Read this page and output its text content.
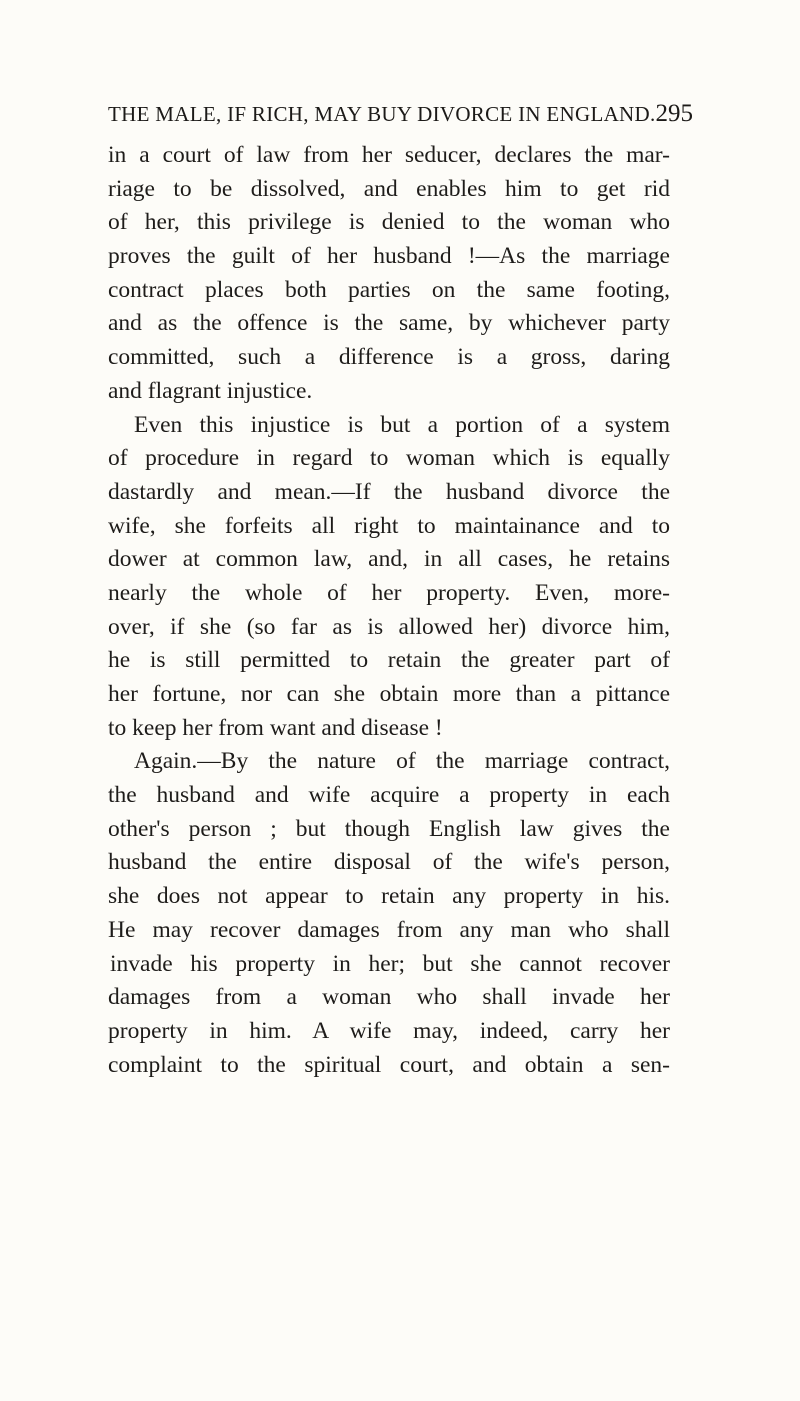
THE MALE, IF RICH, MAY BUY DIVORCE IN ENGLAND.295
in a court of law from her seducer, declares the mar-
riage to be dissolved, and enables him to get rid
of her, this privilege is denied to the woman who
proves the guilt of her husband !—As the marriage
contract places both parties on the same footing,
and as the offence is the same, by whichever party
committed, such a difference is a gross, daring
and flagrant injustice.
Even this injustice is but a portion of a system
of procedure in regard to woman which is equally
dastardly and mean.—If the husband divorce the
wife, she forfeits all right to maintainance and to
dower at common law, and, in all cases, he retains
nearly the whole of her property. Even, more-
over, if she (so far as is allowed her) divorce him,
he is still permitted to retain the greater part of
her fortune, nor can she obtain more than a pittance
to keep her from want and disease !
Again.—By the nature of the marriage contract,
the husband and wife acquire a property in each
other's person ; but though English law gives the
husband the entire disposal of the wife's person,
she does not appear to retain any property in his.
He may recover damages from any man who shall
invade his property in her; but she cannot recover
damages from a woman who shall invade her
property in him. A wife may, indeed, carry her
complaint to the spiritual court, and obtain a sen-
